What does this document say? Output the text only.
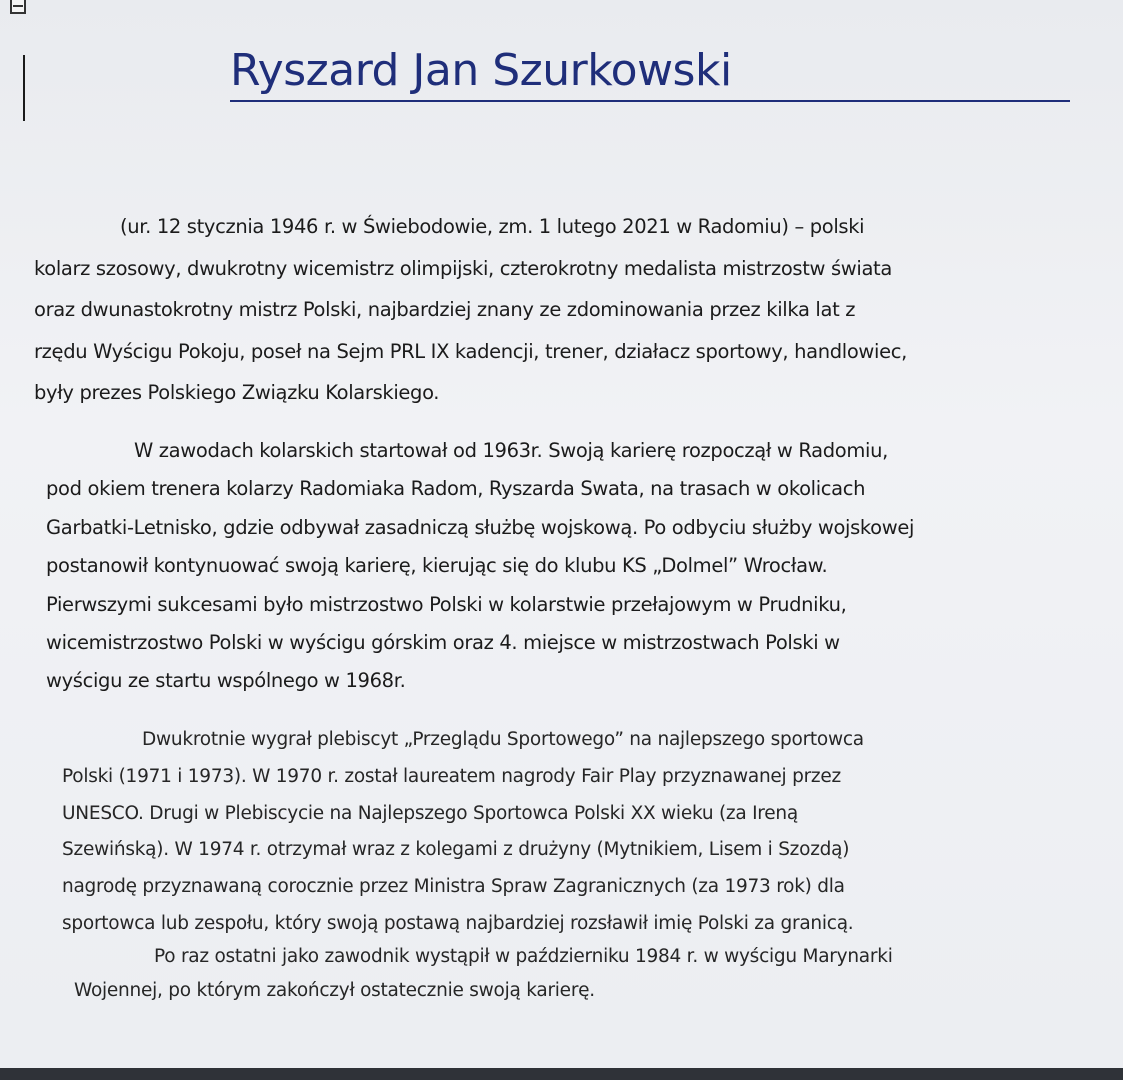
Ryszard Jan Szurkowski

(ur. 12 stycznia 1946 r. w Świebodowie, zm. 1 lutego 2021 w Radomiu) – polski
kolarz szosowy, dwukrotny wicemistrz olimpijski, czterokrotny medalista mistrzostw świata
oraz dwunastokrotny mistrz Polski, najbardziej znany ze zdominowania przez kilka lat z
rzędu Wyścigu Pokoju, poseł na Sejm PRL IX kadencji, trener, działacz sportowy, handlowiec,
były prezes Polskiego Związku Kolarskiego.

W zawodach kolarskich startował od 1963r. Swoją karierę rozpoczął w Radomiu,
pod okiem trenera kolarzy Radomiaka Radom, Ryszarda Swata, na trasach w okolicach
Garbatki-Letnisko, gdzie odbywał zasadniczą służbę wojskową. Po odbyciu służby wojskowej
postanowił kontynuować swoją karierę, kierując się do klubu KS „Dolmel” Wrocław.
Pierwszymi sukcesami było mistrzostwo Polski w kolarstwie przełajowym w Prudniku,
wicemistrzostwo Polski w wyścigu górskim oraz 4. miejsce w mistrzostwach Polski w
wyścigu ze startu wspólnego w 1968r.

Dwukrotnie wygrał plebiscyt „Przeglądu Sportowego” na najlepszego sportowca
Polski (1971 i 1973). W 1970 r. został laureatem nagrody Fair Play przyznawanej przez
UNESCO. Drugi w Plebiscycie na Najlepszego Sportowca Polski XX wieku (za Ireną
Szewińską). W 1974 r. otrzymał wraz z kolegami z drużyny (Mytnikiem, Lisem i Szozdą)
nagrodę przyznawaną corocznie przez Ministra Spraw Zagranicznych (za 1973 rok) dla
sportowca lub zespołu, który swoją postawą najbardziej rozsławił imię Polski za granicą.

Po raz ostatni jako zawodnik wystąpił w październiku 1984 r. w wyścigu Marynarki
Wojennej, po którym zakończył ostatecznie swoją karierę.
